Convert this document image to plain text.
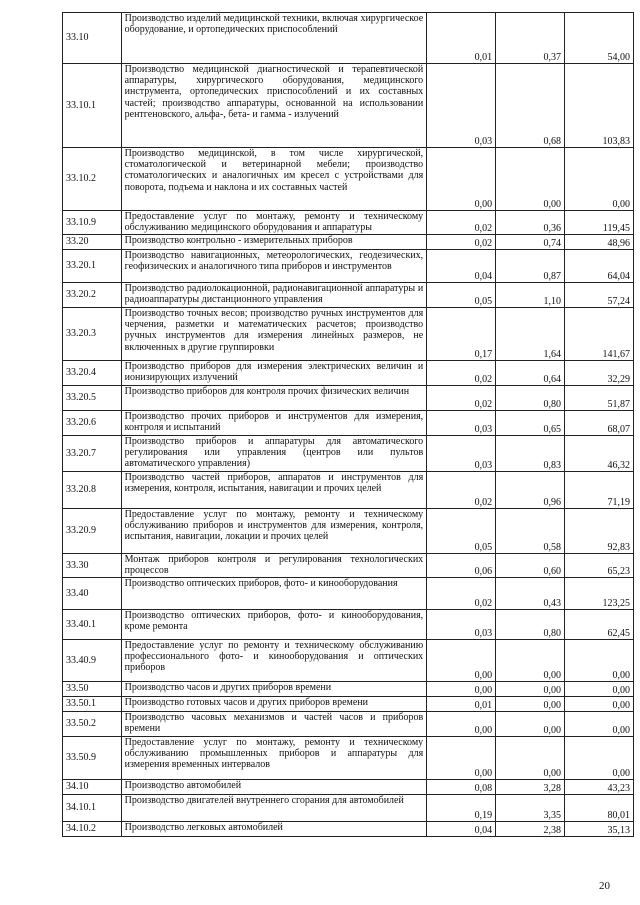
33.10	Производство изделий медицинской техники, включая хирургическое оборудование, и ортопедических приспособлений	0,01	0,37	54,00
33.10.1	Производство медицинской диагностической и терапевтической аппаратуры, хирургического оборудования, медицинского инструмента, ортопедических приспособлений и их составных частей; производство аппаратуры, основанной на использовании рентгеновского, альфа-, бета- и гамма - излучений	0,03	0,68	103,83
33.10.2	Производство медицинской, в том числе хирургической, стоматологической и ветеринарной мебели; производство стоматологических и аналогичных им кресел с устройствами для поворота, подъема и наклона и их составных частей	0,00	0,00	0,00
33.10.9	Предоставление услуг по монтажу, ремонту и техническому обслуживанию медицинского оборудования и аппаратуры	0,02	0,36	119,45
33.20	Производство контрольно - измерительных приборов	0,02	0,74	48,96
33.20.1	Производство навигационных, метеорологических, геодезических, геофизических и аналогичного типа приборов и инструментов	0,04	0,87	64,04
33.20.2	Производство радиолокационной, радионавигационной аппаратуры и радиоаппаратуры дистанционного управления	0,05	1,10	57,24
33.20.3	Производство точных весов; производство ручных инструментов для черчения, разметки и математических расчетов; производство ручных инструментов для измерения линейных размеров, не включенных в другие группировки	0,17	1,64	141,67
33.20.4	Производство приборов для измерения электрических величин и ионизирующих излучений	0,02	0,64	32,29
33.20.5	Производство приборов для контроля прочих физических величин	0,02	0,80	51,87
33.20.6	Производство прочих приборов и инструментов для измерения, контроля и испытаний	0,03	0,65	68,07
33.20.7	Производство приборов и аппаратуры для автоматического регулирования или управления (центров или пультов автоматического управления)	0,03	0,83	46,32
33.20.8	Производство частей приборов, аппаратов и инструментов для измерения, контроля, испытания, навигации и прочих целей	0,02	0,96	71,19
33.20.9	Предоставление услуг по монтажу, ремонту и техническому обслуживанию приборов и инструментов для измерения, контроля, испытания, навигации, локации и прочих целей	0,05	0,58	92,83
33.30	Монтаж приборов контроля и регулирования технологических процессов	0,06	0,60	65,23
33.40	Производство оптических приборов, фото- и кинооборудования	0,02	0,43	123,25
33.40.1	Производство оптических приборов, фото- и кинооборудования, кроме ремонта	0,03	0,80	62,45
33.40.9	Предоставление услуг по ремонту и техническому обслуживанию профессионального фото- и кинооборудования и оптических приборов	0,00	0,00	0,00
33.50	Производство часов и других приборов времени	0,00	0,00	0,00
33.50.1	Производство готовых часов и других приборов времени	0,01	0,00	0,00
33.50.2	Производство часовых механизмов и частей часов и приборов времени	0,00	0,00	0,00
33.50.9	Предоставление услуг по монтажу, ремонту и техническому обслуживанию промышленных приборов и аппаратуры для измерения временных интервалов	0,00	0,00	0,00
34.10	Производство автомобилей	0,08	3,28	43,23
34.10.1	Производство двигателей внутреннего сгорания для автомобилей	0,19	3,35	80,01
34.10.2	Производство легковых автомобилей	0,04	2,38	35,13
20
